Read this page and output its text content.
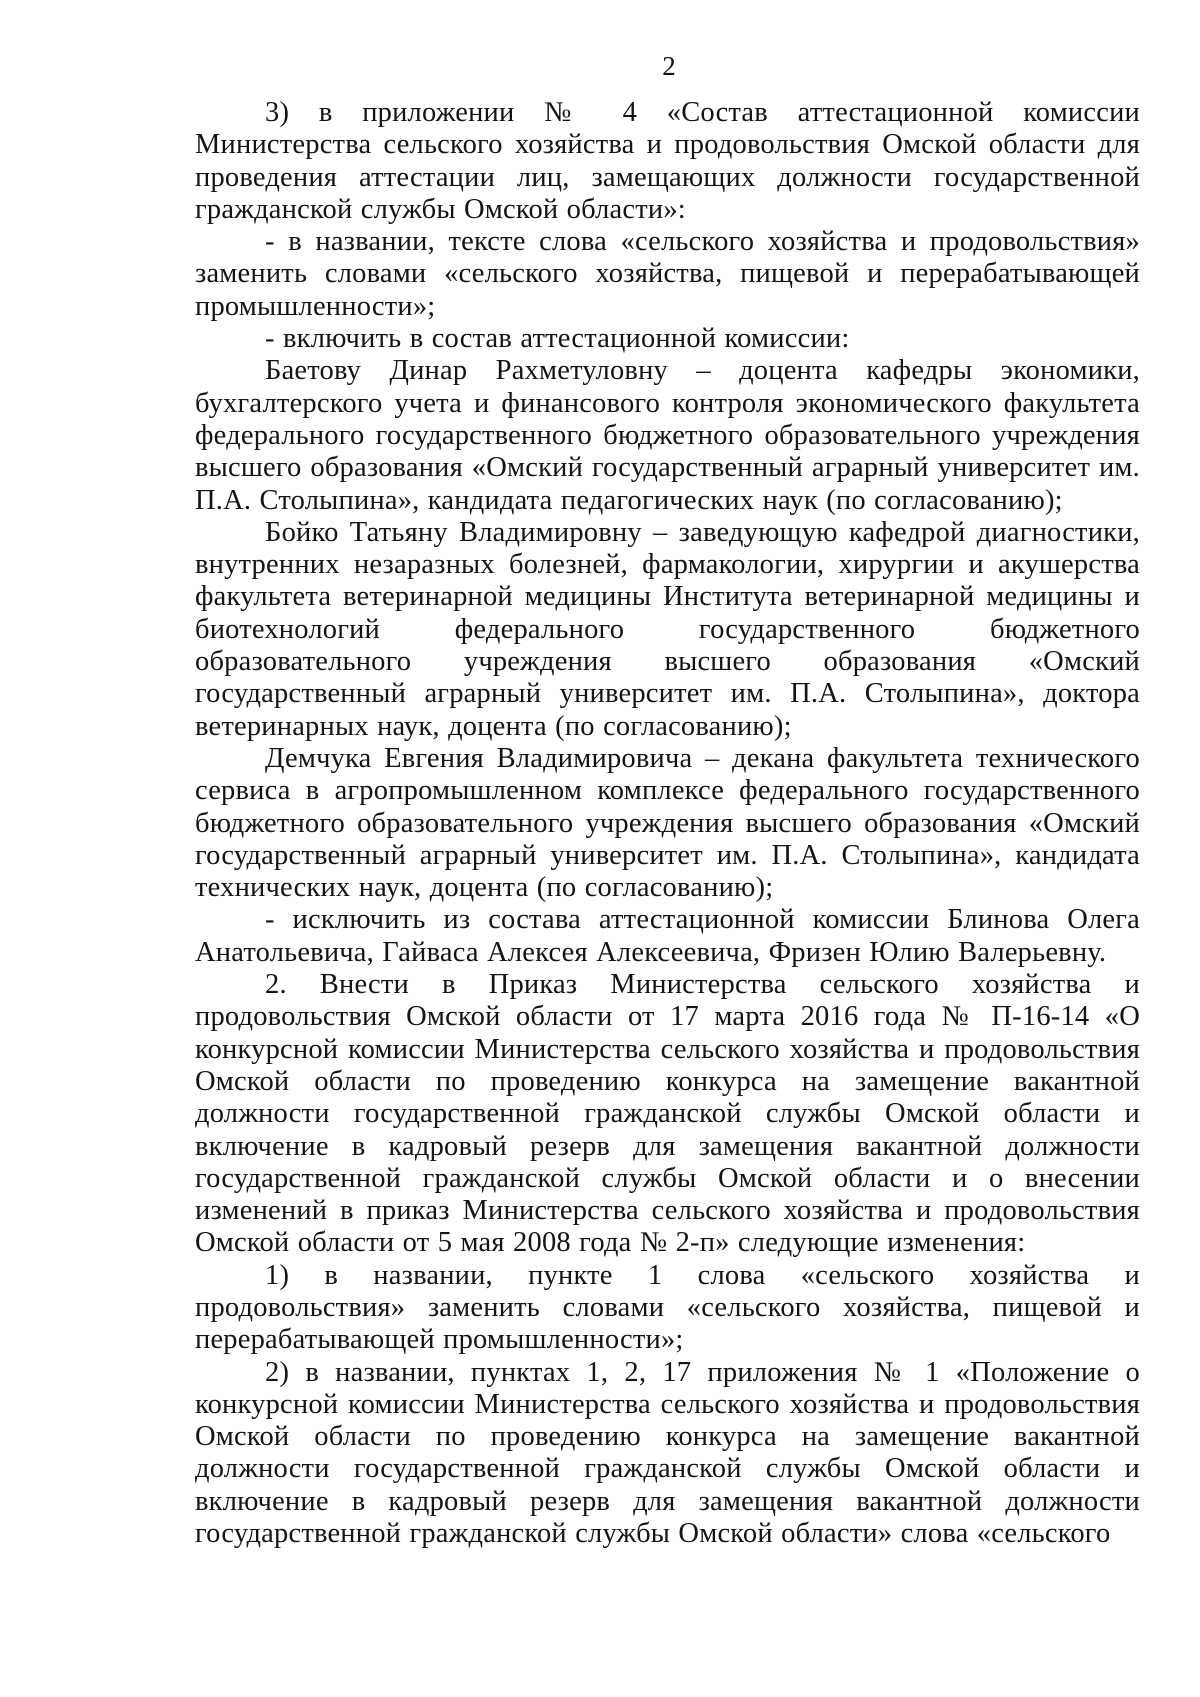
2

3) в приложении № 4 «Состав аттестационной комиссии Министерства сельского хозяйства и продовольствия Омской области для проведения аттестации лиц, замещающих должности государственной гражданской службы Омской области»:

- в названии, тексте слова «сельского хозяйства и продовольствия» заменить словами «сельского хозяйства, пищевой и перерабатывающей промышленности»;

- включить в состав аттестационной комиссии:

Баетову Динар Рахметуловну – доцента кафедры экономики, бухгалтерского учета и финансового контроля экономического факультета федерального государственного бюджетного образовательного учреждения высшего образования «Омский государственный аграрный университет им. П.А. Столыпина», кандидата педагогических наук (по согласованию);

Бойко Татьяну Владимировну – заведующую кафедрой диагностики, внутренних незаразных болезней, фармакологии, хирургии и акушерства факультета ветеринарной медицины Института ветеринарной медицины и биотехнологий федерального государственного бюджетного образовательного учреждения высшего образования «Омский государственный аграрный университет им. П.А. Столыпина», доктора ветеринарных наук, доцента (по согласованию);

Демчука Евгения Владимировича – декана факультета технического сервиса в агропромышленном комплексе федерального государственного бюджетного образовательного учреждения высшего образования «Омский государственный аграрный университет им. П.А. Столыпина», кандидата технических наук, доцента (по согласованию);

- исключить из состава аттестационной комиссии Блинова Олега Анатольевича, Гайваса Алексея Алексеевича, Фризен Юлию Валерьевну.

2. Внести в Приказ Министерства сельского хозяйства и продовольствия Омской области от 17 марта 2016 года № П-16-14 «О конкурсной комиссии Министерства сельского хозяйства и продовольствия Омской области по проведению конкурса на замещение вакантной должности государственной гражданской службы Омской области и включение в кадровый резерв для замещения вакантной должности государственной гражданской службы Омской области и о внесении изменений в приказ Министерства сельского хозяйства и продовольствия Омской области от 5 мая 2008 года № 2-п» следующие изменения:

1) в названии, пункте 1 слова «сельского хозяйства и продовольствия» заменить словами «сельского хозяйства, пищевой и перерабатывающей промышленности»;

2) в названии, пунктах 1, 2, 17 приложения № 1 «Положение о конкурсной комиссии Министерства сельского хозяйства и продовольствия Омской области по проведению конкурса на замещение вакантной должности государственной гражданской службы Омской области и включение в кадровый резерв для замещения вакантной должности государственной гражданской службы Омской области» слова «сельского
